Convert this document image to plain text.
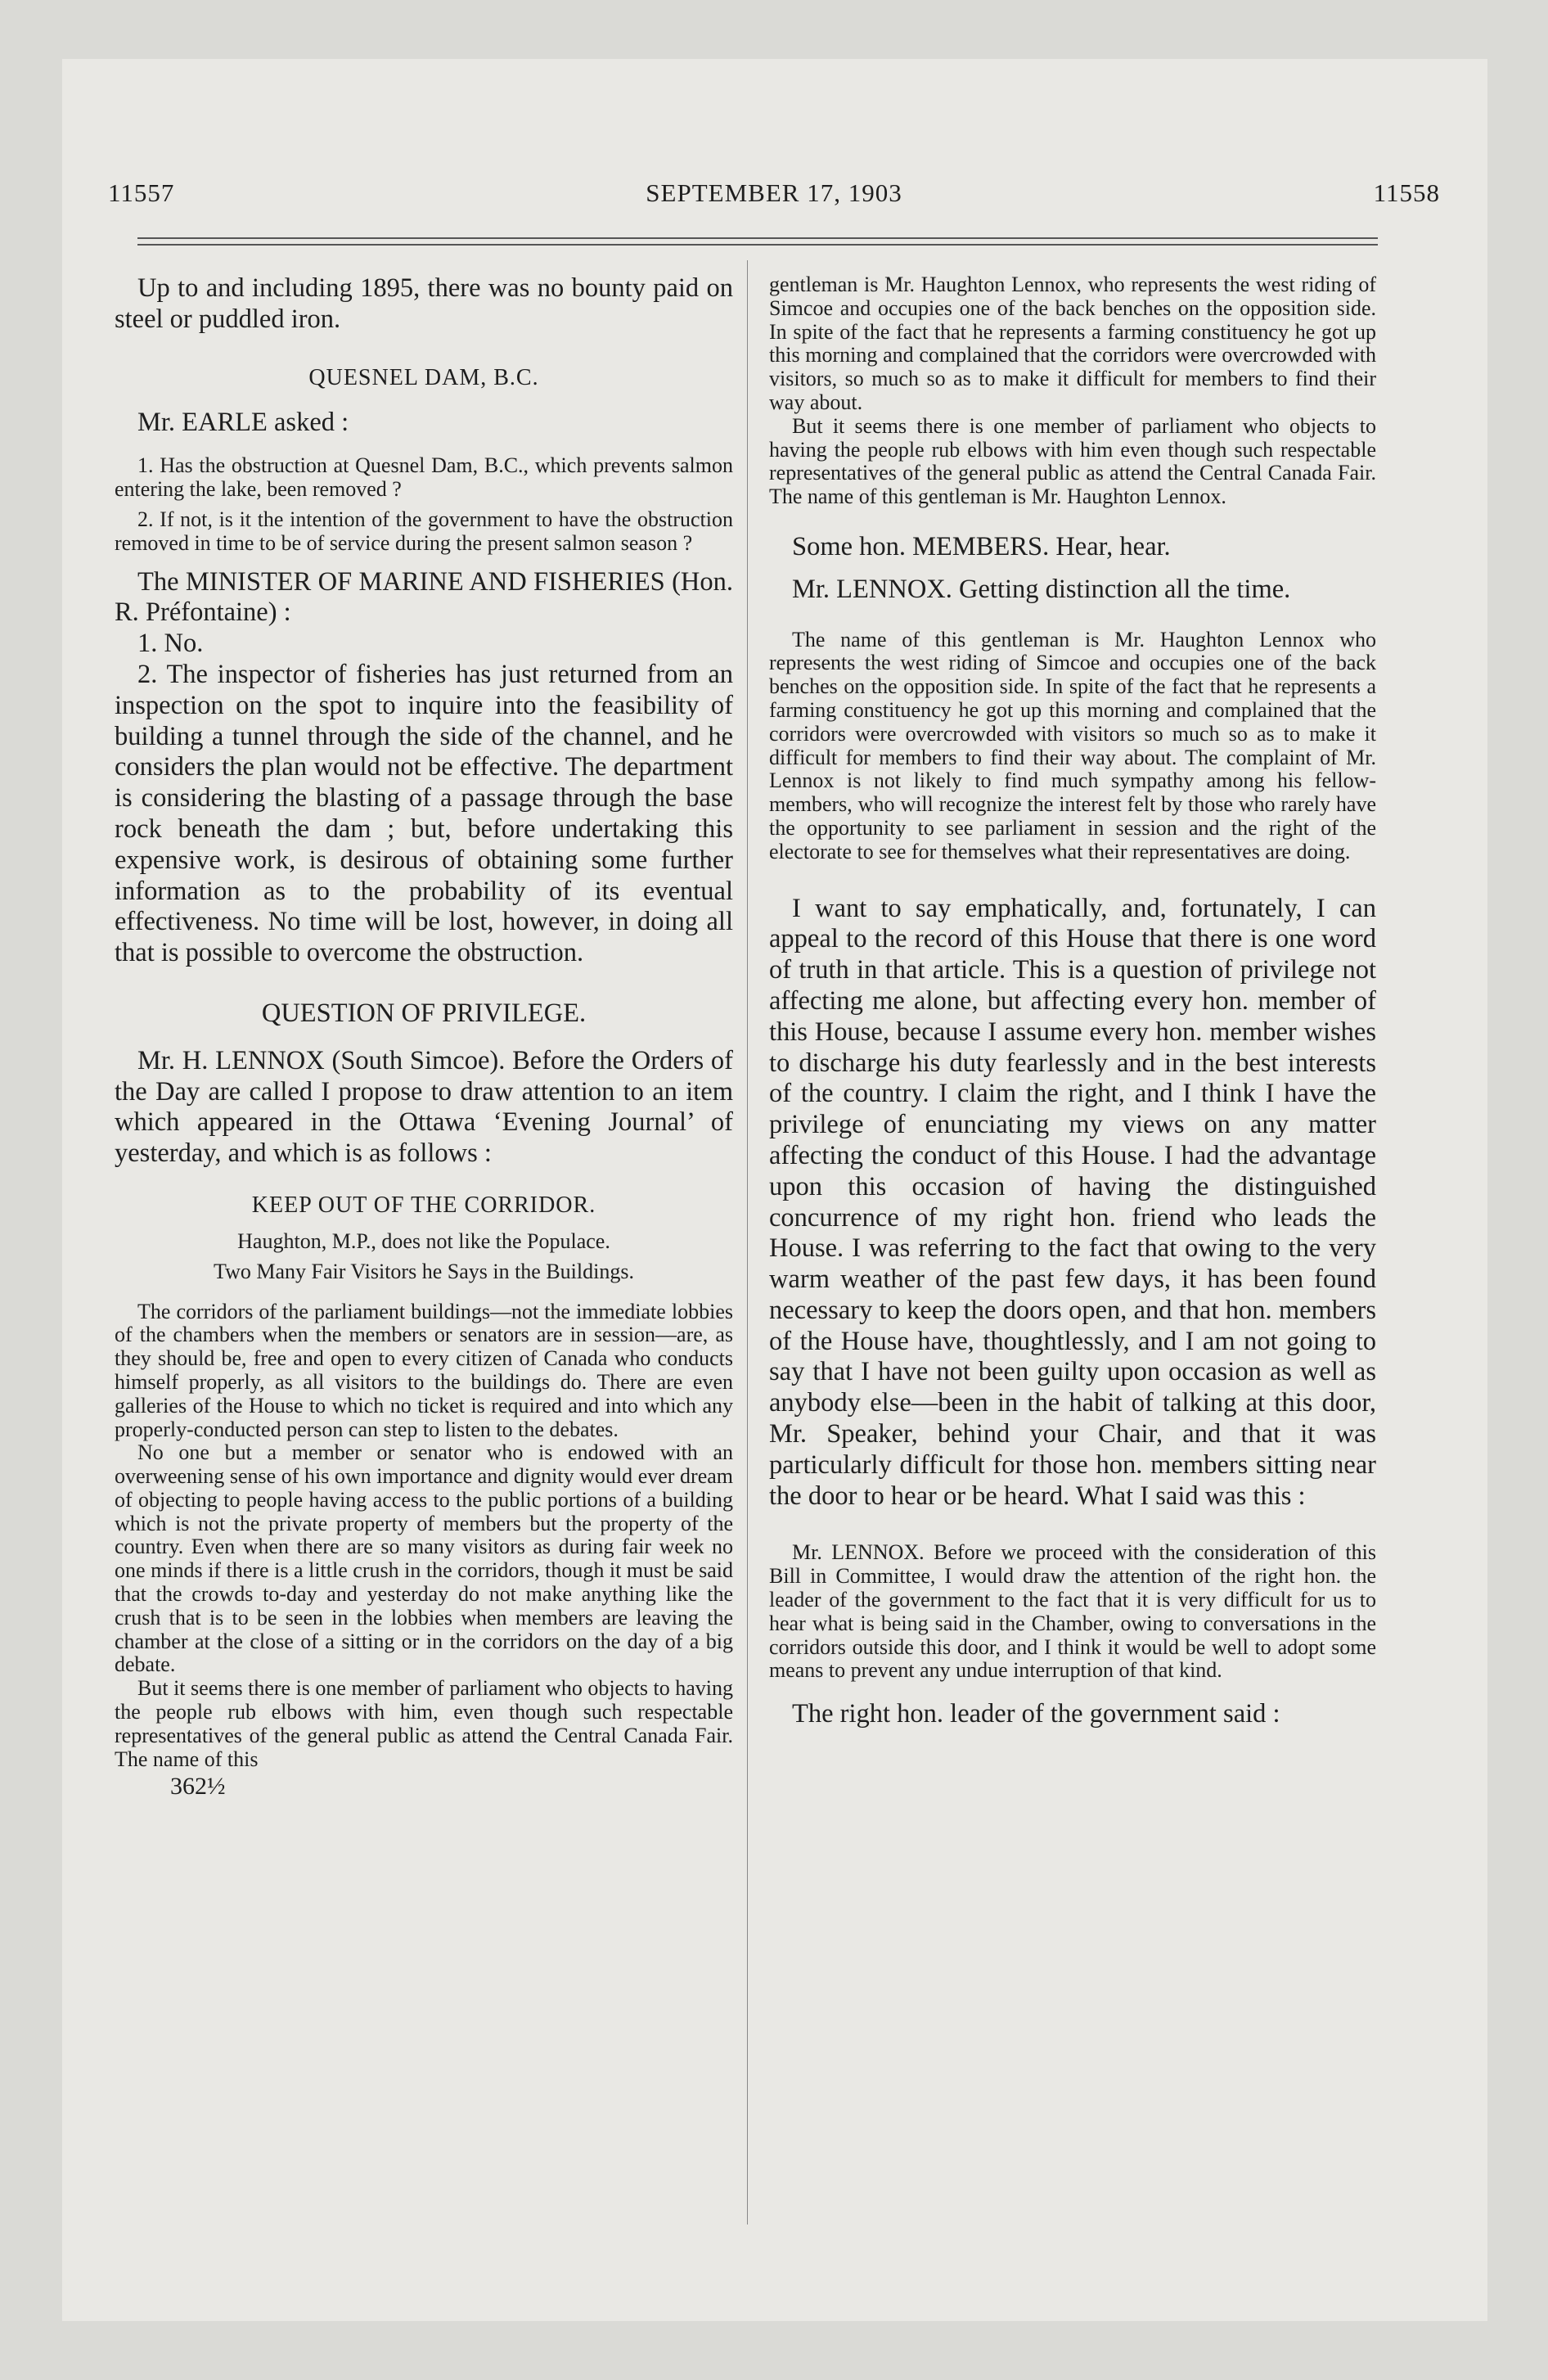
11557	SEPTEMBER 17, 1903	11558

Up to and including 1895, there was no bounty paid on steel or puddled iron.

QUESNEL DAM, B.C.

Mr. EARLE asked :

1. Has the obstruction at Quesnel Dam, B.C., which prevents salmon entering the lake, been removed ?

2. If not, is it the intention of the government to have the obstruction removed in time to be of service during the present salmon season ?

The MINISTER OF MARINE AND FISHERIES (Hon. R. Préfontaine) :

1. No.

2. The inspector of fisheries has just returned from an inspection on the spot to inquire into the feasibility of building a tunnel through the side of the channel, and he considers the plan would not be effective. The department is considering the blasting of a passage through the base rock beneath the dam ; but, before undertaking this expensive work, is desirous of obtaining some further information as to the probability of its eventual effectiveness. No time will be lost, however, in doing all that is possible to overcome the obstruction.

QUESTION OF PRIVILEGE.

Mr. H. LENNOX (South Simcoe). Before the Orders of the Day are called I propose to draw attention to an item which appeared in the Ottawa ‘Evening Journal’ of yesterday, and which is as follows :

KEEP OUT OF THE CORRIDOR.

Haughton, M.P., does not like the Populace.

Two Many Fair Visitors he Says in the Buildings.

The corridors of the parliament buildings—not the immediate lobbies of the chambers when the members or senators are in session—are, as they should be, free and open to every citizen of Canada who conducts himself properly, as all visitors to the buildings do. There are even galleries of the House to which no ticket is required and into which any properly-conducted person can step to listen to the debates.

No one but a member or senator who is endowed with an overweening sense of his own importance and dignity would ever dream of objecting to people having access to the public portions of a building which is not the private property of members but the property of the country. Even when there are so many visitors as during fair week no one minds if there is a little crush in the corridors, though it must be said that the crowds to-day and yesterday do not make anything like the crush that is to be seen in the lobbies when members are leaving the chamber at the close of a sitting or in the corridors on the day of a big debate.

But it seems there is one member of parliament who objects to having the people rub elbows with him, even though such respectable representatives of the general public as attend the Central Canada Fair. The name of this

362½

gentleman is Mr. Haughton Lennox, who represents the west riding of Simcoe and occupies one of the back benches on the opposition side. In spite of the fact that he represents a farming constituency he got up this morning and complained that the corridors were overcrowded with visitors, so much so as to make it difficult for members to find their way about.

But it seems there is one member of parliament who objects to having the people rub elbows with him even though such respectable representatives of the general public as attend the Central Canada Fair. The name of this gentleman is Mr. Haughton Lennox.

Some hon. MEMBERS. Hear, hear.

Mr. LENNOX. Getting distinction all the time.

The name of this gentleman is Mr. Haughton Lennox who represents the west riding of Simcoe and occupies one of the back benches on the opposition side. In spite of the fact that he represents a farming constituency he got up this morning and complained that the corridors were overcrowded with visitors so much so as to make it difficult for members to find their way about. The complaint of Mr. Lennox is not likely to find much sympathy among his fellow-members, who will recognize the interest felt by those who rarely have the opportunity to see parliament in session and the right of the electorate to see for themselves what their representatives are doing.

I want to say emphatically, and, fortunately, I can appeal to the record of this House that there is one word of truth in that article. This is a question of privilege not affecting me alone, but affecting every hon. member of this House, because I assume every hon. member wishes to discharge his duty fearlessly and in the best interests of the country. I claim the right, and I think I have the privilege of enunciating my views on any matter affecting the conduct of this House. I had the advantage upon this occasion of having the distinguished concurrence of my right hon. friend who leads the House. I was referring to the fact that owing to the very warm weather of the past few days, it has been found necessary to keep the doors open, and that hon. members of the House have, thoughtlessly, and I am not going to say that I have not been guilty upon occasion as well as anybody else—been in the habit of talking at this door, Mr. Speaker, behind your Chair, and that it was particularly difficult for those hon. members sitting near the door to hear or be heard. What I said was this :

Mr. LENNOX. Before we proceed with the consideration of this Bill in Committee, I would draw the attention of the right hon. the leader of the government to the fact that it is very difficult for us to hear what is being said in the Chamber, owing to conversations in the corridors outside this door, and I think it would be well to adopt some means to prevent any undue interruption of that kind.

The right hon. leader of the government said :
